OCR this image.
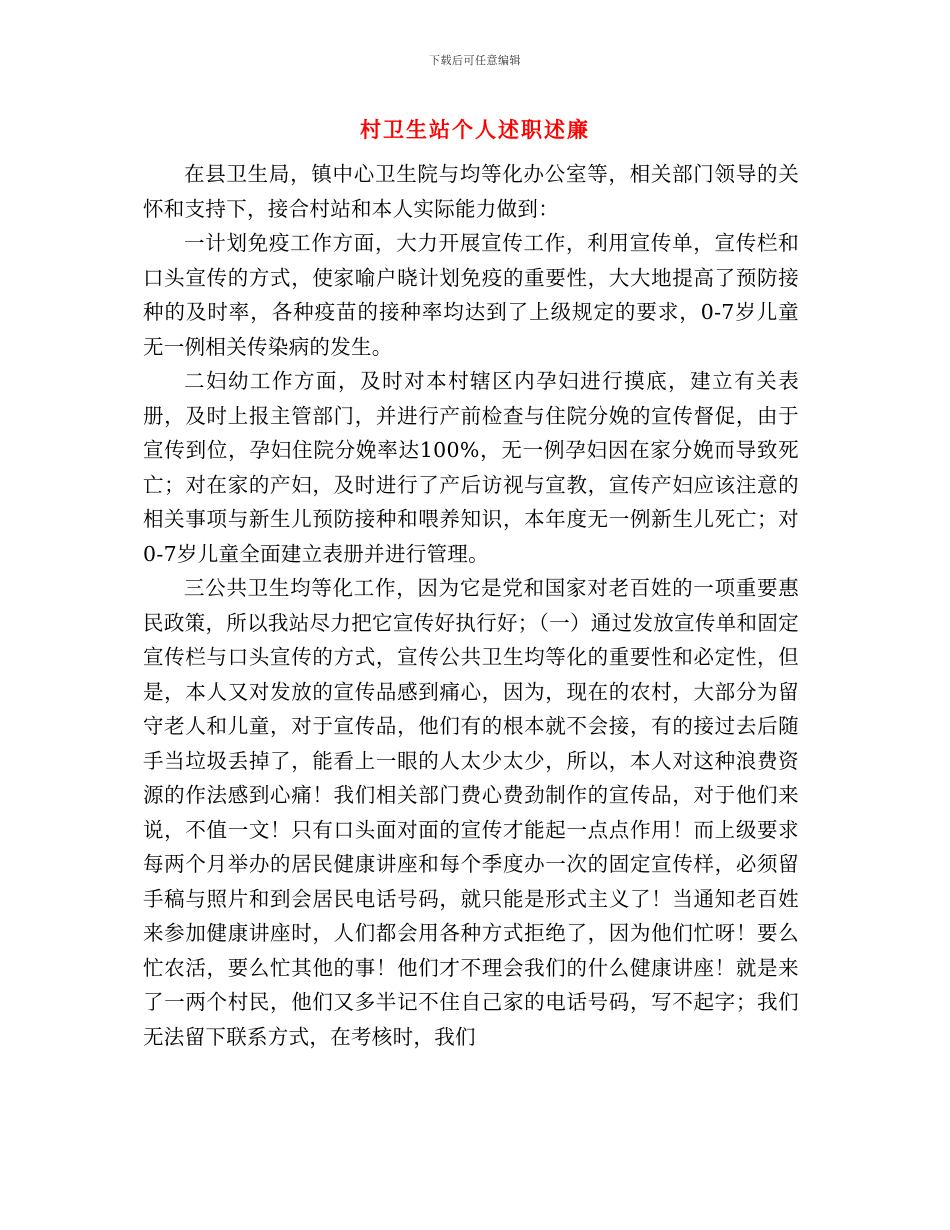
下载后可任意编辑
村卫生站个人述职述廉

在县卫生局，镇中心卫生院与均等化办公室等，相关部门领导的关怀和支持下，接合村站和本人实际能力做到：

一计划免疫工作方面，大力开展宣传工作，利用宣传单，宣传栏和口头宣传的方式，使家喻户晓计划免疫的重要性，大大地提高了预防接种的及时率，各种疫苗的接种率均达到了上级规定的要求，0-7岁儿童无一例相关传染病的发生。

二妇幼工作方面，及时对本村辖区内孕妇进行摸底，建立有关表册，及时上报主管部门，并进行产前检查与住院分娩的宣传督促，由于宣传到位，孕妇住院分娩率达100%，无一例孕妇因在家分娩而导致死亡；对在家的产妇，及时进行了产后访视与宣教，宣传产妇应该注意的相关事项与新生儿预防接种和喂养知识，本年度无一例新生儿死亡；对0-7岁儿童全面建立表册并进行管理。

三公共卫生均等化工作，因为它是党和国家对老百姓的一项重要惠民政策，所以我站尽力把它宣传好执行好；（一）通过发放宣传单和固定宣传栏与口头宣传的方式，宣传公共卫生均等化的重要性和必定性，但是，本人又对发放的宣传品感到痛心，因为，现在的农村，大部分为留守老人和儿童，对于宣传品，他们有的根本就不会接，有的接过去后随手当垃圾丢掉了，能看上一眼的人太少太少，所以，本人对这种浪费资源的作法感到心痛！我们相关部门费心费劲制作的宣传品，对于他们来说，不值一文！只有口头面对面的宣传才能起一点点作用！而上级要求每两个月举办的居民健康讲座和每个季度办一次的固定宣传样，必须留手稿与照片和到会居民电话号码，就只能是形式主义了！当通知老百姓来参加健康讲座时，人们都会用各种方式拒绝了，因为他们忙呀！要么忙农活，要么忙其他的事！他们才不理会我们的什么健康讲座！就是来了一两个村民，他们又多半记不住自己家的电话号码，写不起字；我们无法留下联系方式，在考核时，我们
